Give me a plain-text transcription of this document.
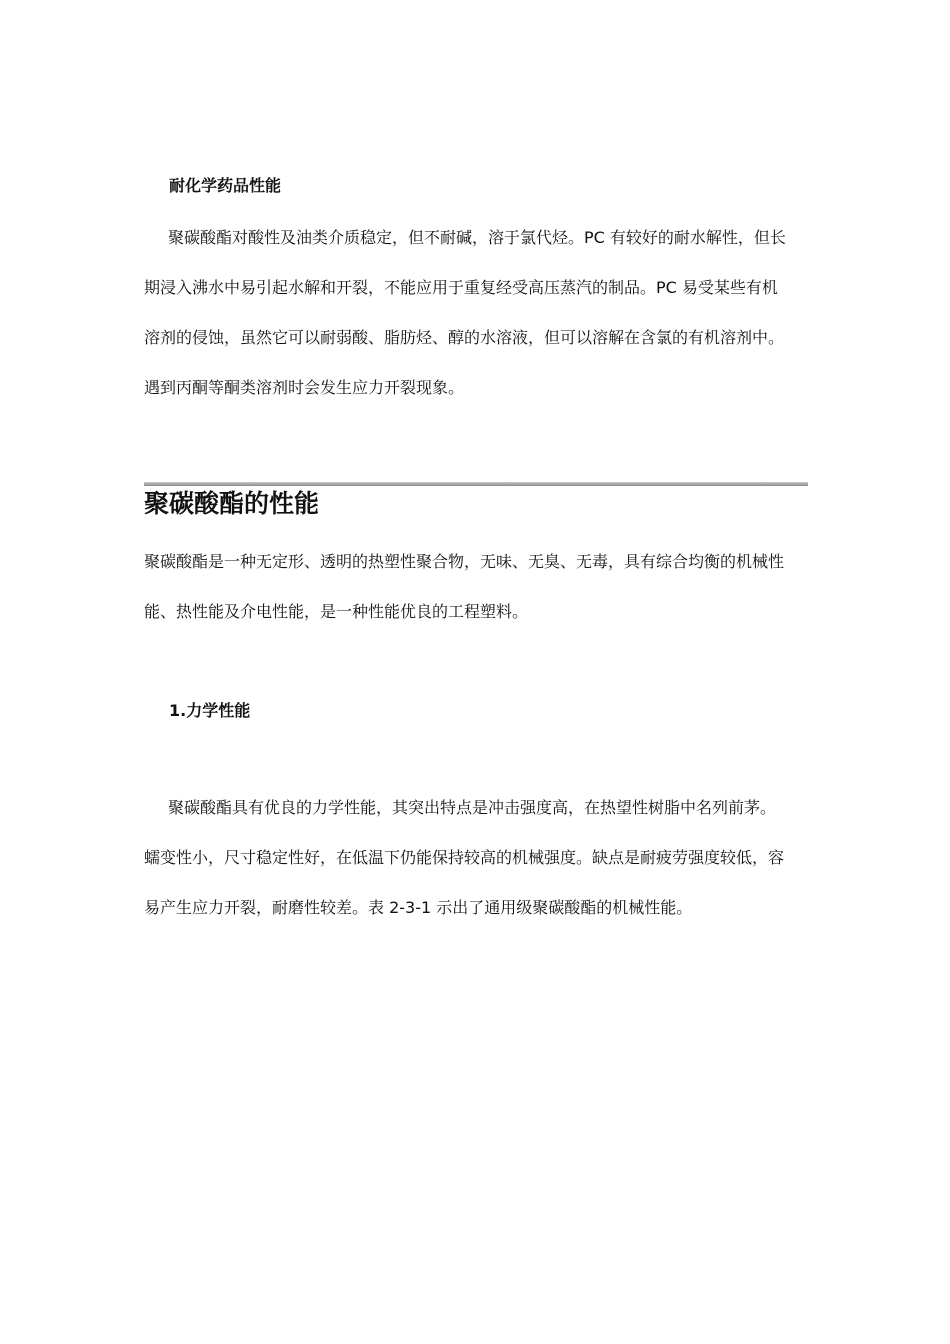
耐化学药品性能

聚碳酸酯对酸性及油类介质稳定，但不耐碱，溶于氯代烃。PC 有较好的耐水解性，但长
期浸入沸水中易引起水解和开裂，不能应用于重复经受高压蒸汽的制品。PC 易受某些有机
溶剂的侵蚀，虽然它可以耐弱酸、脂肪烃、醇的水溶液，但可以溶解在含氯的有机溶剂中。
遇到丙酮等酮类溶剂时会发生应力开裂现象。

聚碳酸酯的性能

聚碳酸酯是一种无定形、透明的热塑性聚合物，无味、无臭、无毒，具有综合均衡的机械性
能、热性能及介电性能，是一种性能优良的工程塑料。

1.力学性能

聚碳酸酯具有优良的力学性能，其突出特点是冲击强度高，在热望性树脂中名列前茅。
蠕变性小，尺寸稳定性好，在低温下仍能保持较高的机械强度。缺点是耐疲劳强度较低，容
易产生应力开裂，耐磨性较差。表 2-3-1 示出了通用级聚碳酸酯的机械性能。
